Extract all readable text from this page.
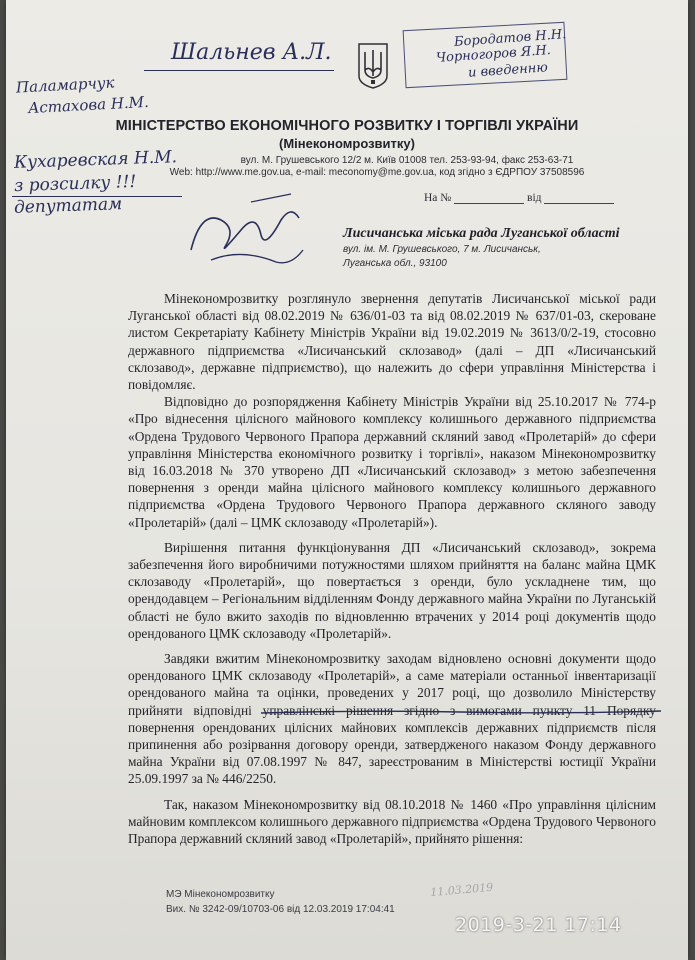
Бородатов Н.Н.
Чорногоров Я.Н.
и введенню
Шальнев А.Л.
Паламарчук
Астахова Н.М.
МІНІСТЕРСТВО ЕКОНОМІЧНОГО РОЗВИТКУ І ТОРГІВЛІ УКРАЇНИ
(Мінекономрозвитку)
вул. М. Грушевського 12/2 м. Київ 01008 тел. 253-93-94, факс 253-63-71
Web: http://www.me.gov.ua, e-mail: meconomy@me.gov.ua, код згідно з ЄДРПОУ 37508596
Кухаревская Н.М.
з розсилку !!!
депутатам	На №	від
Лисичанська міська рада Луганської області
вул. ім. М. Грушевського, 7 м. Лисичанськ,
Луганська обл., 93100

Мінекономрозвитку розглянуло звернення депутатів Лисичанської міської ради Луганської області від 08.02.2019 № 636/01-03 та від 08.02.2019 № 637/01-03, скероване листом Секретаріату Кабінету Міністрів України від 19.02.2019 № 3613/0/2-19, стосовно державного підприємства «Лисичанський склозавод» (далі – ДП «Лисичанський склозавод», державне підприємство), що належить до сфери управління Міністерства і повідомляє.

Відповідно до розпорядження Кабінету Міністрів України від 25.10.2017 № 774-р «Про віднесення цілісного майнового комплексу колишнього державного підприємства «Ордена Трудового Червоного Прапора державний скляний завод «Пролетарій» до сфери управління Міністерства економічного розвитку і торгівлі», наказом Мінекономрозвитку від 16.03.2018 № 370 утворено ДП «Лисичанський склозавод» з метою забезпечення повернення з оренди майна цілісного майнового комплексу колишнього державного підприємства «Ордена Трудового Червоного Прапора державного скляного заводу «Пролетарій» (далі – ЦМК склозаводу «Пролетарій»).

Вирішення питання функціонування ДП «Лисичанський склозавод», зокрема забезпечення його виробничими потужностями шляхом прийняття на баланс майна ЦМК склозаводу «Пролетарій», що повертається з оренди, було ускладнене тим, що орендодавцем – Регіональним відділенням Фонду державного майна України по Луганській області не було вжито заходів по відновленню втрачених у 2014 році документів щодо орендованого ЦМК склозаводу «Пролетарій».

Завдяки вжитим Мінекономрозвитку заходам відновлено основні документи щодо орендованого ЦМК склозаводу «Пролетарій», а саме матеріали останньої інвентаризації орендованого майна та оцінки, проведених у 2017 році, що дозволило Міністерству прийняти відповідні управлінські рішення згідно з вимогами пункту 11 Порядку повернення орендованих цілісних майнових комплексів державних підприємств після припинення або розірвання договору оренди, затвердженого наказом Фонду державного майна України від 07.08.1997 № 847, зареєстрованим в Міністерстві юстиції України 25.09.1997 за № 446/2250.

Так, наказом Мінекономрозвитку від 08.10.2018 № 1460 «Про управління цілісним майновим комплексом колишнього державного підприємства «Ордена Трудового Червоного Прапора державний скляний завод «Пролетарій», прийнято рішення:

11.03.2019
МЭ Мінекономрозвитку
Вих. № 3242-09/10703-06 від 12.03.2019 17:04:41
2019-3-21 17:14
